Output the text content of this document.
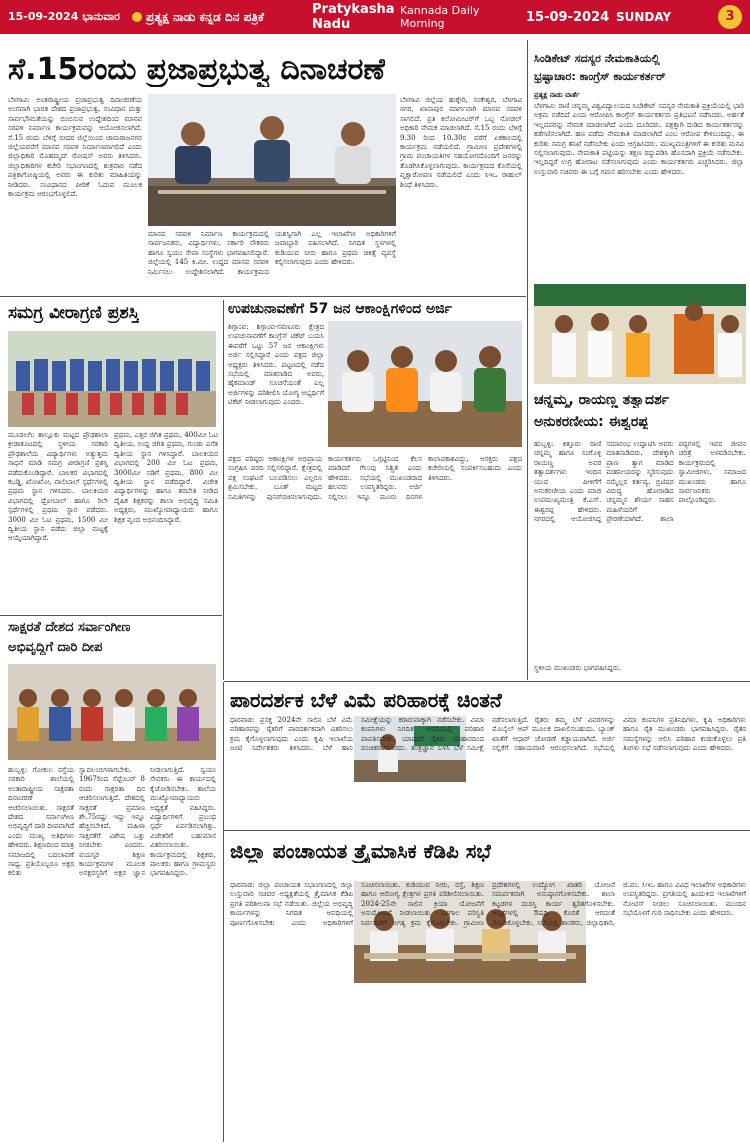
15-09-2024 ಭಾನುವಾರ	ಪ್ರತ್ಯಕ್ಷ ನಾಡು ಕನ್ನಡ ದಿನ ಪತ್ರಿಕೆ	Pratykasha Nadu
Kannada Daily Morning	15-09-2024 SUNDAY	3
ಸೆ.15ರಂದು ಪ್ರಜಾಪ್ರಭುತ್ವ ದಿನಾಚರಣೆ
ಬೆಳಗಾವಿ: ಅಂತರಾಷ್ಟ್ರೀಯ ಪ್ರಜಾಪ್ರಭುತ್ವ ದಿನಾಚರಣೆಯ ಅಂಗವಾಗಿ ಭಾರತ ದೇಶದ ಪ್ರಜಾಪ್ರಭುತ್ವ, ಸಂವಿಧಾನ ಮತ್ತು ಸಾರ್ವಭೌಮತೆಯನ್ನು ಬಿಂಬಿಸುವ ಉದ್ದೇಶದಿಂದ ಮಾನವ ಸರಪಳಿ ನಿರ್ಮಾಣ ಕಾರ್ಯಕ್ರಮವನ್ನು ಆಯೋಜಿಸಲಾಗಿದೆ. ಸೆ.15 ರಂದು ಬೆಳಿಗ್ಗೆ ಬೀದರ ಜಿಲ್ಲೆಯಿಂದ ಚಾಮರಾಜನಗರ ಜಿಲ್ಲೆಯವರೆಗೆ ಮಾನವ ಸರಪಳಿ ನಿರ್ಮಾಣವಾಗಲಿದೆ ಎಂದು ಜಿಲ್ಲಾಧಿಕಾರಿ ಮೊಹಮ್ಮದ್ ರೋಷನ್ ಅವರು ತಿಳಿಸಿದರು. ಜಿಲ್ಲಾಧಿಕಾರಿಗಳ ಕಚೇರಿ ಸಭಾಂಗಣದಲ್ಲಿ ಶುಕ್ರವಾರ ನಡೆದ ಪತ್ರಿಕಾಗೋಷ್ಠಿಯಲ್ಲಿ ಅವರು ಈ ಕುರಿತು ಮಾಹಿತಿಯನ್ನು ನೀಡಿದರು. ಸಂವಿಧಾನದ ಪೀಠಿಕೆ ಓದುವ ಮೂಲಕ ಕಾರ್ಯಕ್ರಮ ಆರಂಭಗೊಳ್ಳಲಿದೆ.
ಮಾನವ ಸರಪಳಿ ನಿರ್ಮಾಣ ಕಾರ್ಯಕ್ರಮದಲ್ಲಿ ಸಾರ್ವಜನಿಕರು, ವಿದ್ಯಾರ್ಥಿಗಳು, ಸರ್ಕಾರಿ ನೌಕರರು ಹಾಗೂ ಸ್ವಯಂ ಸೇವಾ ಸಂಸ್ಥೆಗಳು ಭಾಗವಹಿಸಲಿದ್ದಾರೆ. ಜಿಲ್ಲೆಯಲ್ಲಿ 145 ಕಿ.ಮೀ. ಉದ್ದದ ಮಾನವ ಸರಪಳಿ ನಿರ್ಮಿಸಲು ಉದ್ದೇಶಿಸಲಾಗಿದೆ. ಕಾರ್ಯಕ್ರಮದ ಯಶಸ್ವಿಗಾಗಿ ಎಲ್ಲ ಇಲಾಖೆಗಳ ಅಧಿಕಾರಿಗಳಿಗೆ ಜವಾಬ್ದಾರಿ ವಹಿಸಲಾಗಿದೆ. ನಿಗದಿತ ಸ್ಥಳಗಳಲ್ಲಿ ಕುಡಿಯುವ ನೀರು ಹಾಗೂ ಪ್ರಥಮ ಚಿಕಿತ್ಸೆ ವ್ಯವಸ್ಥೆ ಕಲ್ಪಿಸಲಾಗುವುದು ಎಂದು ಹೇಳಿದರು.
ಬೆಳಗಾವಿ ಜಿಲ್ಲೆಯ ಹುಕ್ಕೇರಿ, ಸಂಕೇಶ್ವರ, ಬೆಳಗಾವಿ ನಗರ, ಖಾನಾಪುರ ಮಾರ್ಗವಾಗಿ ಮಾನವ ಸರಪಳಿ ಸಾಗಲಿದೆ. ಪ್ರತಿ ಕಿಲೋಮೀಟರ್‌ಗೆ ಒಬ್ಬ ನೋಡಲ್ ಅಧಿಕಾರಿ ನೇಮಕ ಮಾಡಲಾಗಿದೆ. ಸೆ.15 ರಂದು ಬೆಳಿಗ್ಗೆ 9.30 ರಿಂದ 10.30ರ ವರೆಗೆ ಏಕಕಾಲದಲ್ಲಿ ಕಾರ್ಯಕ್ರಮ ನಡೆಯಲಿದೆ. ಗ್ರಾಮೀಣ ಪ್ರದೇಶಗಳಲ್ಲಿ ಗ್ರಾಮ ಪಂಚಾಯತಿಗಳ ಸಹಯೋಗದೊಂದಿಗೆ ಜನರನ್ನು ತೊಡಗಿಸಿಕೊಳ್ಳಲಾಗುವುದು. ಕಾರ್ಯಕ್ರಮದ ಕೊನೆಯಲ್ಲಿ ವೃಕ್ಷಾರೋಪಣ ನಡೆಯಲಿದೆ ಎಂದು ಸಿಇಒ ರಾಹುಲ್ ಶಿಂಧೆ ತಿಳಿಸಿದರು.
ಸಿಂಡಿಕೇಟ್ ಸದಸ್ಯರ ನೇಮಕಾತಿಯಲ್ಲಿ
ಭ್ರಷ್ಟಾಚಾರ: ಕಾಂಗ್ರೆಸ್ ಕಾರ್ಯಕರ್ತರ್
ಪ್ರತ್ಯಕ್ಷ ನಾಡು ವಾರ್ತೆ
ಬೆಳಗಾವಿ: ರಾಣಿ ಚನ್ನಮ್ಮ ವಿಶ್ವವಿದ್ಯಾಲಯದ ಸಿಂಡಿಕೇಟ್ ಸದಸ್ಯರ ನೇಮಕಾತಿ ಪ್ರಕ್ರಿಯೆಯಲ್ಲಿ ಭಾರಿ ಅಕ್ರಮ ನಡೆದಿದೆ ಎಂದು ಆರೋಪಿಸಿ ಕಾಂಗ್ರೆಸ್ ಕಾರ್ಯಕರ್ತರು ಪ್ರತಿಭಟನೆ ನಡೆಸಿದರು. ಅರ್ಹತೆ ಇಲ್ಲದವರನ್ನು ನೇಮಕ ಮಾಡಲಾಗಿದೆ ಎಂದು ದೂರಿದರು. ಪಕ್ಷಕ್ಕಾಗಿ ದುಡಿದ ಕಾರ್ಯಕರ್ತರನ್ನು ಕಡೆಗಣಿಸಲಾಗಿದೆ. ಹಣ ಪಡೆದು ನೇಮಕಾತಿ ಮಾಡಲಾಗಿದೆ ಎಂಬ ಆರೋಪ ಕೇಳಿಬಂದಿದ್ದು, ಈ ಕುರಿತು ಸಮಗ್ರ ತನಿಖೆ ನಡೆಸಬೇಕು ಎಂದು ಆಗ್ರಹಿಸಿದರು. ಮುಖ್ಯಮಂತ್ರಿಗಳಿಗೆ ಈ ಕುರಿತು ಮನವಿ ಸಲ್ಲಿಸಲಾಗುವುದು. ನೇಮಕಾತಿ ಪಟ್ಟಿಯನ್ನು ತಕ್ಷಣ ರದ್ದುಪಡಿಸಿ ಹೊಸದಾಗಿ ಪ್ರಕ್ರಿಯೆ ನಡೆಸಬೇಕು. ಇಲ್ಲದಿದ್ದರೆ ಉಗ್ರ ಹೋರಾಟ ನಡೆಸಲಾಗುವುದು ಎಂದು ಕಾರ್ಯಕರ್ತರು ಎಚ್ಚರಿಸಿದರು. ಜಿಲ್ಲಾ ಉಸ್ತುವಾರಿ ಸಚಿವರು ಈ ಬಗ್ಗೆ ಗಮನ ಹರಿಸಬೇಕು ಎಂದು ಹೇಳಿದರು.
ಸಮಗ್ರ ವೀರಾಗ್ರಣಿ ಪ್ರಶಸ್ತಿ
ಮೂಡಲಗಿ: ತಾಲ್ಲೂಕು ಮಟ್ಟದ ಪ್ರೌಢಶಾಲಾ ಕ್ರೀಡಾಕೂಟದಲ್ಲಿ ಸ್ಥಳೀಯ ಸರಕಾರಿ ಪ್ರೌಢಶಾಲೆಯ ವಿದ್ಯಾರ್ಥಿಗಳು ಅತ್ಯುತ್ತಮ ಸಾಧನೆ ಮಾಡಿ ಸಮಗ್ರ ವೀರಾಗ್ರಣಿ ಪ್ರಶಸ್ತಿ ಪಡೆದುಕೊಂಡಿದ್ದಾರೆ. ಬಾಲಕರ ವಿಭಾಗದಲ್ಲಿ ಕಬಡ್ಡಿ, ಖೋಖೋ, ವಾಲಿಬಾಲ್ ಸ್ಪರ್ಧೆಗಳಲ್ಲಿ ಪ್ರಥಮ ಸ್ಥಾನ ಗಳಿಸಿದರು. ಬಾಲಕಿಯರ ವಿಭಾಗದಲ್ಲಿ ಥ್ರೋಬಾಲ್ ಹಾಗೂ ರಿಲೇ ಸ್ಪರ್ಧೆಗಳಲ್ಲಿ ಪ್ರಥಮ ಸ್ಥಾನ ಪಡೆದರು. 3000 ಮೀ ಓಟ ಪ್ರಥಮ, 1500 ಮೀ ದ್ವಿತೀಯ ಸ್ಥಾನ ಪಡೆದು ಜಿಲ್ಲಾ ಮಟ್ಟಕ್ಕೆ ಆಯ್ಕೆಯಾಗಿದ್ದಾರೆ.
ಪ್ರಥಮ, ಎತ್ತರ ಜಿಗಿತ ಪ್ರಥಮ, 400ಮೀ ಓಟ ದ್ವಿತೀಯ, ಉದ್ದ ಜಿಗಿತ ಪ್ರಥಮ, ಗುಂಡು ಎಸೆತ ದ್ವಿತೀಯ ಸ್ಥಾನ ಗಳಿಸಿದ್ದಾರೆ. ಬಾಲಕಿಯರ ವಿಭಾಗದಲ್ಲಿ 200 ಮೀ ಓಟ ಪ್ರಥಮ, 3000ಮೀ ನಡಿಗೆ ಪ್ರಥಮ, 800 ಮೀ ದ್ವಿತೀಯ ಸ್ಥಾನ ಪಡೆದಿದ್ದಾರೆ. ವಿಜೇತ ವಿದ್ಯಾರ್ಥಿಗಳನ್ನು ಹಾಗೂ ತರಬೇತಿ ನೀಡಿದ ದೈಹಿಕ ಶಿಕ್ಷಕರನ್ನು ಶಾಲಾ ಅಭಿವೃದ್ಧಿ ಸಮಿತಿ ಅಧ್ಯಕ್ಷರು, ಮುಖ್ಯೋಪಾಧ್ಯಾಯರು ಹಾಗೂ ಶಿಕ್ಷಕ ವೃಂದ ಅಭಿನಂದಿಸಿದ್ದಾರೆ.
ಉಪಚುನಾವಣೆಗೆ 57 ಜನ ಆಕಾಂಕ್ಷಿಗಳಿಂದ ಅರ್ಜಿ
ಶಿಗ್ಗಾಂವ: ಶಿಗ್ಗಾಂವ-ಸವಣೂರು ಕ್ಷೇತ್ರದ ಉಪಚುನಾವಣೆಗೆ ಕಾಂಗ್ರೆಸ್ ಟಿಕೆಟ್ ಬಯಸಿ ಈವರೆಗೆ ಒಟ್ಟು 57 ಜನ ಆಕಾಂಕ್ಷಿಗಳು ಅರ್ಜಿ ಸಲ್ಲಿಸಿದ್ದಾರೆ ಎಂದು ಪಕ್ಷದ ಜಿಲ್ಲಾ ಅಧ್ಯಕ್ಷರು ತಿಳಿಸಿದರು. ಪಟ್ಟಣದಲ್ಲಿ ನಡೆದ ಸಭೆಯಲ್ಲಿ ಮಾತನಾಡಿದ ಅವರು, ಹೈಕಮಾಂಡ್ ಸೂಚನೆಯಂತೆ ಎಲ್ಲ ಅರ್ಜಿಗಳನ್ನು ಪರಿಶೀಲಿಸಿ ಯೋಗ್ಯ ಅಭ್ಯರ್ಥಿಗೆ ಟಿಕೆಟ್ ನೀಡಲಾಗುವುದು ಎಂದರು.
ಪಕ್ಷದ ವರಿಷ್ಠರು ಆಕಾಂಕ್ಷಿಗಳ ಅಭಿಪ್ರಾಯ ಸಂಗ್ರಹಿಸಿ ವರದಿ ಸಲ್ಲಿಸಲಿದ್ದಾರೆ. ಕ್ಷೇತ್ರದಲ್ಲಿ ಪಕ್ಷ ಸಂಘಟನೆ ಬಲಪಡಿಸಲು ಎಲ್ಲರೂ ಶ್ರಮಿಸಬೇಕು. ಬೂತ್ ಮಟ್ಟದ ಸಮಿತಿಗಳನ್ನು ಪುನರ್‌ರಚಿಸಲಾಗುವುದು. ಕಾರ್ಯಕರ್ತರು ಒಗ್ಗಟ್ಟಿನಿಂದ ಕೆಲಸ ಮಾಡಿದರೆ ಗೆಲುವು ನಿಶ್ಚಿತ ಎಂದು ಹೇಳಿದರು. ಸಭೆಯಲ್ಲಿ ಮುಖಂಡರಾದ ಹಲವರು ಉಪಸ್ಥಿತರಿದ್ದರು. ಅರ್ಜಿ ಸಲ್ಲಿಸಲು ಇನ್ನೂ ಮೂರು ದಿನಗಳ ಕಾಲಾವಕಾಶವಿದ್ದು, ಆಸಕ್ತರು ಪಕ್ಷದ ಕಚೇರಿಯಲ್ಲಿ ಸಂಪರ್ಕಿಸಬಹುದು ಎಂದು ತಿಳಿಸಿದರು.
ಚನ್ನಮ್ಮ, ರಾಯಣ್ಣ ತತ್ವಾದರ್ಶ
ಅನುಕರಣೀಯ: ಈಶ್ವರಪ್ಪ
ಹುಬ್ಬಳ್ಳಿ: ಕಿತ್ತೂರು ರಾಣಿ ಚನ್ನಮ್ಮ ಹಾಗೂ ಸಂಗೊಳ್ಳಿ ರಾಯಣ್ಣ ಅವರ ತತ್ವಾದರ್ಶಗಳು ಇಂದಿನ ಯುವ ಪೀಳಿಗೆಗೆ ಅನುಕರಣೀಯ ಎಂದು ಮಾಜಿ ಉಪಮುಖ್ಯಮಂತ್ರಿ ಕೆ.ಎಸ್. ಈಶ್ವರಪ್ಪ ಹೇಳಿದರು. ನಗರದಲ್ಲಿ ಆಯೋಜಿಸಿದ್ದ ಸಮಾರಂಭ ಉದ್ಘಾಟಿಸಿ ಅವರು ಮಾತನಾಡಿದರು. ದೇಶಕ್ಕಾಗಿ ಪ್ರಾಣ ತ್ಯಾಗ ಮಾಡಿದ ಮಹನೀಯರನ್ನು ಸ್ಮರಿಸುವುದು ನಮ್ಮೆಲ್ಲರ ಕರ್ತವ್ಯ. ಬ್ರಿಟಿಷರ ವಿರುದ್ಧ ಹೋರಾಡಿದ ಚನ್ನಮ್ಮನ ಶೌರ್ಯ ಸಾಹಸ ಮಹಿಳೆಯರಿಗೆ ಪ್ರೇರಣೆಯಾಗಿದೆ. ಶಾಲಾ ಪಠ್ಯಗಳಲ್ಲಿ ಇವರ ಜೀವನ ಚರಿತ್ರೆ ಅಳವಡಿಸಬೇಕು. ಕಾರ್ಯಕ್ರಮದಲ್ಲಿ ಸ್ವಾಮೀಜಿಗಳು, ಸಮಾಜದ ಮುಖಂಡರು ಹಾಗೂ ಸಾರ್ವಜನಿಕರು ಪಾಲ್ಗೊಂಡಿದ್ದರು.
ಸ್ಥಳೀಯ ಮುಖಂಡರು ಭಾಗವಹಿಸಿದ್ದರು.
ಸಾಕ್ಷರತೆ ದೇಶದ ಸರ್ವಾಂಗೀಣ
ಅಭಿವೃದ್ಧಿಗೆ ದಾರಿ ದೀಪ
ಹುಬ್ಬಳ್ಳಿ: ಗೋಕುಲ ರಸ್ತೆಯ ಸರಕಾರಿ ಶಾಲೆಯಲ್ಲಿ ಅಂತಾರಾಷ್ಟ್ರೀಯ ಸಾಕ್ಷರತಾ ದಿನಾಚರಣೆ ಆಚರಿಸಲಾಯಿತು. ಸಾಕ್ಷರತೆ ದೇಶದ ಸರ್ವಾಂಗೀಣ ಅಭಿವೃದ್ಧಿಗೆ ದಾರಿ ದೀಪವಾಗಿದೆ ಎಂದು ಮುಖ್ಯ ಅತಿಥಿಗಳು ಹೇಳಿದರು. ಶಿಕ್ಷಣದಿಂದ ಮಾತ್ರ ಸಮಾಜದಲ್ಲಿ ಬದಲಾವಣೆ ಸಾಧ್ಯ. ಪ್ರತಿಯೊಬ್ಬರೂ ಅಕ್ಷರ ಕಲಿತು ಸ್ವಾವಲಂಬಿಗಳಾಗಬೇಕು. 1967ರಿಂದ ಸೆಪ್ಟೆಂಬರ್ 8 ರಂದು ಸಾಕ್ಷರತಾ ದಿನ ಆಚರಿಸಲಾಗುತ್ತಿದೆ. ದೇಶದಲ್ಲಿ ಸಾಕ್ಷರತೆ ಪ್ರಮಾಣ ಶೇ.75ರಷ್ಟು ಇದ್ದು ಇನ್ನೂ ಹೆಚ್ಚಿಸಬೇಕಿದೆ. ಮಹಿಳಾ ಸಾಕ್ಷರತೆಗೆ ವಿಶೇಷ ಒತ್ತು ನೀಡಬೇಕು ಎಂದರು. ವಯಸ್ಕರ ಶಿಕ್ಷಣ ಕಾರ್ಯಕ್ರಮಗಳ ಮೂಲಕ ಅನಕ್ಷರಸ್ಥರಿಗೆ ಅಕ್ಷರ ಜ್ಞಾನ ನೀಡಲಾಗುತ್ತಿದೆ. ಸ್ವಯಂ ಸೇವಕರು ಈ ಕಾರ್ಯದಲ್ಲಿ ಕೈಜೋಡಿಸಬೇಕು. ಶಾಲೆಯ ಮುಖ್ಯೋಪಾಧ್ಯಾಯರು ಅಧ್ಯಕ್ಷತೆ ವಹಿಸಿದ್ದರು. ವಿದ್ಯಾರ್ಥಿಗಳಿಗೆ ಪ್ರಬಂಧ ಸ್ಪರ್ಧೆ ಏರ್ಪಡಿಸಲಾಗಿತ್ತು. ವಿಜೇತರಿಗೆ ಬಹುಮಾನ ವಿತರಿಸಲಾಯಿತು. ಕಾರ್ಯಕ್ರಮದಲ್ಲಿ ಶಿಕ್ಷಕರು, ಪಾಲಕರು ಹಾಗೂ ಗ್ರಾಮಸ್ಥರು ಭಾಗವಹಿಸಿದ್ದರು.
ಪಾರದರ್ಶಕ ಬೆಳೆ ವಿಮೆ ಪರಿಹಾರಕ್ಕೆ ಚಿಂತನೆ
ಧಾರವಾಡ: ಪ್ರಸಕ್ತ 2024ನೇ ಸಾಲಿನ ಬೆಳೆ ವಿಮೆ ಪರಿಹಾರವನ್ನು ರೈತರಿಗೆ ಪಾರದರ್ಶಕವಾಗಿ ವಿತರಿಸಲು ಕ್ರಮ ಕೈಗೊಳ್ಳಲಾಗುವುದು ಎಂದು ಕೃಷಿ ಇಲಾಖೆಯ ಜಂಟಿ ನಿರ್ದೇಶಕರು ತಿಳಿಸಿದರು. ಬೆಳೆ ಹಾನಿ ಸಮೀಕ್ಷೆಯನ್ನು ಕರಾರುವಾಕ್ಕಾಗಿ ನಡೆಸಬೇಕು. ವಿಮಾ ಕಂಪನಿಗಳು ನಿಗದಿತ ಅವಧಿಯಲ್ಲಿ ಪರಿಹಾರ ಪಾವತಿಸಬೇಕು. ಯಾವುದೇ ರೈತರು ಪರಿಹಾರದಿಂದ ವಂಚಿತರಾಗಬಾರದು. ತಂತ್ರಜ್ಞಾನ ಬಳಸಿ ಬೆಳೆ ಸಮೀಕ್ಷೆ ನಡೆಸಲಾಗುತ್ತಿದೆ. ರೈತರು ತಮ್ಮ ಬೆಳೆ ವಿವರಗಳನ್ನು ಮೊಬೈಲ್ ಆಪ್ ಮೂಲಕ ದಾಖಲಿಸಬಹುದು. ಬ್ಯಾಂಕ್ ಖಾತೆಗೆ ಆಧಾರ್ ಜೋಡಣೆ ಕಡ್ಡಾಯವಾಗಿದೆ. ಅರ್ಜಿ ಸಲ್ಲಿಕೆಗೆ ಸಹಾಯವಾಣಿ ಆರಂಭಿಸಲಾಗಿದೆ. ಸಭೆಯಲ್ಲಿ ವಿಮಾ ಕಂಪನಿಗಳ ಪ್ರತಿನಿಧಿಗಳು, ಕೃಷಿ ಅಧಿಕಾರಿಗಳು ಹಾಗೂ ರೈತ ಮುಖಂಡರು ಭಾಗವಹಿಸಿದ್ದರು. ರೈತರ ಸಮಸ್ಯೆಗಳನ್ನು ಆಲಿಸಿ ಪರಿಹಾರ ಕಂಡುಕೊಳ್ಳಲು ಪ್ರತಿ ತಿಂಗಳು ಸಭೆ ನಡೆಸಲಾಗುವುದು ಎಂದು ಹೇಳಿದರು.
ಜಿಲ್ಲಾ ಪಂಚಾಯತ ತ್ರೈಮಾಸಿಕ ಕೆಡಿಪಿ ಸಭೆ
ಧಾರವಾಡ: ಜಿಲ್ಲಾ ಪಂಚಾಯತ ಸಭಾಂಗಣದಲ್ಲಿ ಜಿಲ್ಲಾ ಉಸ್ತುವಾರಿ ಸಚಿವರ ಅಧ್ಯಕ್ಷತೆಯಲ್ಲಿ ತ್ರೈಮಾಸಿಕ ಕೆಡಿಪಿ ಪ್ರಗತಿ ಪರಿಶೀಲನಾ ಸಭೆ ನಡೆಯಿತು. ಜಿಲ್ಲೆಯ ಅಭಿವೃದ್ಧಿ ಕಾರ್ಯಗಳನ್ನು ನಿಗದಿತ ಅವಧಿಯಲ್ಲಿ ಪೂರ್ಣಗೊಳಿಸಬೇಕು ಎಂದು ಅಧಿಕಾರಿಗಳಿಗೆ ಸೂಚಿಸಲಾಯಿತು. ಕುಡಿಯುವ ನೀರು, ರಸ್ತೆ, ಶಿಕ್ಷಣ ಹಾಗೂ ಆರೋಗ್ಯ ಕ್ಷೇತ್ರಗಳ ಪ್ರಗತಿ ಪರಿಶೀಲಿಸಲಾಯಿತು. 2024-25ನೇ ಸಾಲಿನ ಕ್ರಿಯಾ ಯೋಜನೆಗೆ ಅನುಮೋದನೆ ನೀಡಲಾಯಿತು. ಬರಗಾಲ ಪರಿಸ್ಥಿತಿ ನಿರ್ವಹಣೆಗೆ ಅಗತ್ಯ ಕ್ರಮ ಕೈಗೊಳ್ಳಬೇಕು. ಗ್ರಾಮೀಣ ಪ್ರದೇಶಗಳಲ್ಲಿ ಉದ್ಯೋಗ ಖಾತರಿ ಯೋಜನೆ ಸಮರ್ಪಕವಾಗಿ ಅನುಷ್ಠಾನಗೊಳಿಸಬೇಕು. ಶಾಲಾ ಕಟ್ಟಡಗಳ ದುರಸ್ತಿ ಕಾರ್ಯ ತ್ವರಿತಗೊಳಿಸಬೇಕು. ಆಸ್ಪತ್ರೆಗಳಲ್ಲಿ ಔಷಧಿ ಕೊರತೆ ಆಗದಂತೆ ನೋಡಿಕೊಳ್ಳಬೇಕು. ಸಭೆಯಲ್ಲಿ ಶಾಸಕರು, ಜಿಲ್ಲಾಧಿಕಾರಿ, ಜಿ.ಪಂ. ಸಿಇಒ ಹಾಗೂ ವಿವಿಧ ಇಲಾಖೆಗಳ ಅಧಿಕಾರಿಗಳು ಉಪಸ್ಥಿತರಿದ್ದರು. ಪ್ರಗತಿಯಲ್ಲಿ ಹಿಂದುಳಿದ ಇಲಾಖೆಗಳಿಗೆ ನೋಟಿಸ್ ನೀಡಲು ಸೂಚಿಸಲಾಯಿತು. ಮುಂದಿನ ಸಭೆಯೊಳಗೆ ಗುರಿ ಸಾಧಿಸಬೇಕು ಎಂದು ಹೇಳಿದರು.
